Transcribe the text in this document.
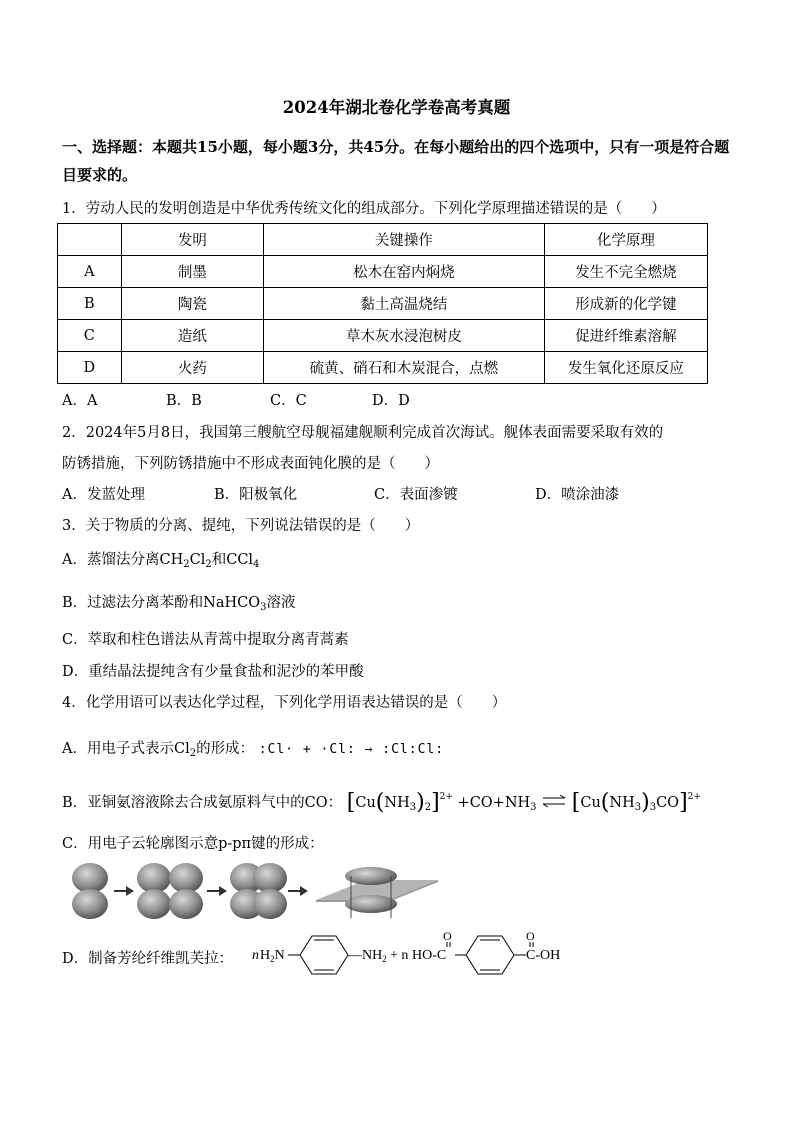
2024年湖北卷化学卷高考真题
一、选择题：本题共15小题，每小题3分，共45分。在每小题给出的四个选项中，只有一项是符合题目要求的。
1．劳动人民的发明创造是中华优秀传统文化的组成部分。下列化学原理描述错误的是（　　）
	发明	关键操作	化学原理
A	制墨	松木在窑内焖烧	发生不完全燃烧
B	陶瓷	黏土高温烧结	形成新的化学键
C	造纸	草木灰水浸泡树皮	促进纤维素溶解
D	火药	硫黄、硝石和木炭混合，点燃	发生氧化还原反应
A．A	B．B	C．C	D．D
2．2024年5月8日，我国第三艘航空母舰福建舰顺利完成首次海试。舰体表面需要采取有效的
防锈措施，下列防锈措施中不形成表面钝化膜的是（　　）
A．发蓝处理	B．阳极氧化	C．表面渗镀	D．喷涂油漆
3．关于物质的分离、提纯，下列说法错误的是（　　）
A．蒸馏法分离$CH_2Cl_2$和CCl$_4$
B．过滤法分离苯酚和NaHCO$_3$溶液
C．萃取和柱色谱法从青蒿中提取分离青蒿素
D．重结晶法提纯含有少量食盐和泥沙的苯甲酸
4．化学用语可以表达化学过程，下列化学用语表达错误的是（　　）
A．用电子式表示$Cl_2$的形成： :Cl· + ·Cl: → :Cl:Cl:
B．亚铜氨溶液除去合成氨原料气中的CO： $[Cu(NH_3)_2]^{2+} +CO+NH_3$ ⇌ $[Cu(NH_3)_3CO]^{2+}$
C．用电子云轮廓图示意p-pπ键的形成：
D．制备芳纶纤维凯芙拉： n $H_2N$	$—NH_2 + n$ HO-C
O
C-OH
O
